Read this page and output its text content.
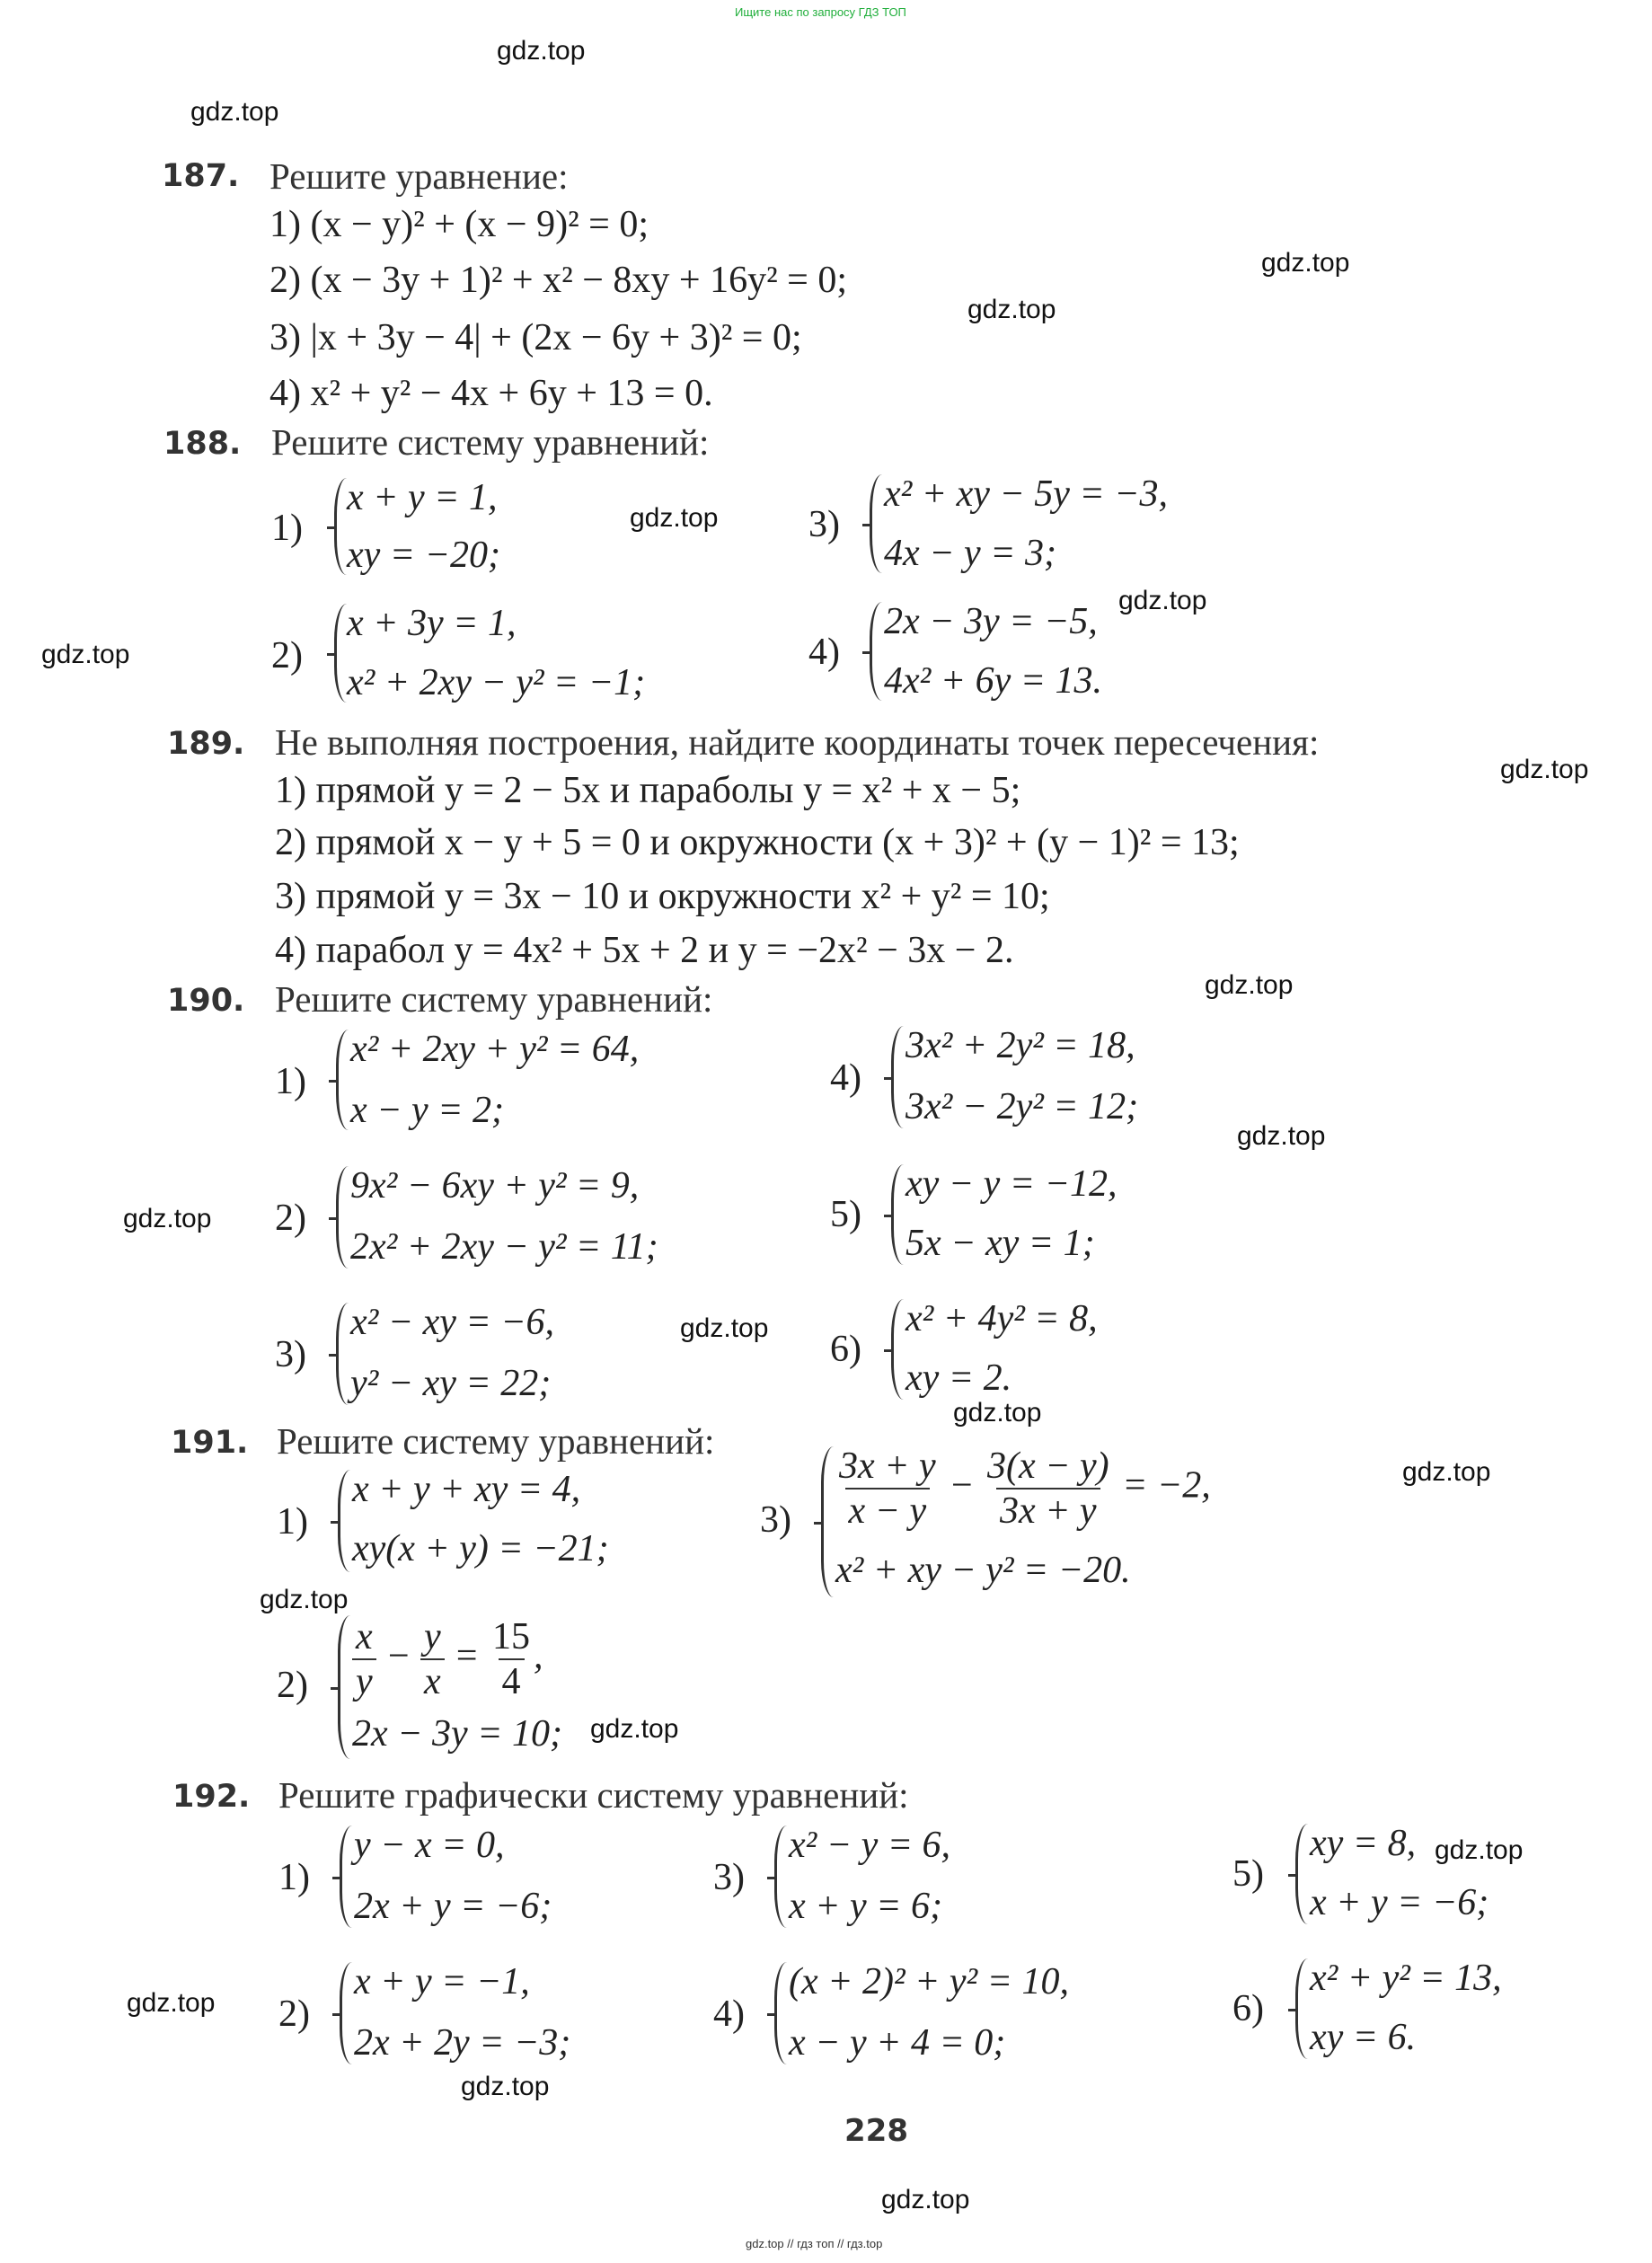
Ищите нас по запросу ГДЗ ТОП
gdz.top // гдз топ // гдз.top
gdz.top
gdz.top
gdz.top
gdz.top
gdz.top
gdz.top
gdz.top
gdz.top
gdz.top
gdz.top
gdz.top
gdz.top
gdz.top
gdz.top
gdz.top
gdz.top
gdz.top
gdz.top
gdz.top
gdz.top
187. Решите уравнение:
1) (x − y)² + (x − 9)² = 0;
2) (x − 3y + 1)² + x² − 8xy + 16y² = 0;
3) |x + 3y − 4| + (2x − 6y + 3)² = 0;
4) x² + y² − 4x + 6y + 13 = 0.
188. Решите систему уравнений:
1)
x + y = 1,
xy = −20;
2)
x + 3y = 1,
x² + 2xy − y² = −1;
3)
x² + xy − 5y = −3,
4x − y = 3;
4)
2x − 3y = −5,
4x² + 6y = 13.
189. Не выполняя построения, найдите координаты точек пересечения:
1) прямой y = 2 − 5x и параболы y = x² + x − 5;
2) прямой x − y + 5 = 0 и окружности (x + 3)² + (y − 1)² = 13;
3) прямой y = 3x − 10 и окружности x² + y² = 10;
4) парабол y = 4x² + 5x + 2 и y = −2x² − 3x − 2.
190. Решите систему уравнений:
1)
x² + 2xy + y² = 64,
x − y = 2;
2)
9x² − 6xy + y² = 9,
2x² + 2xy − y² = 11;
3)
x² − xy = −6,
y² − xy = 22;
4)
3x² + 2y² = 18,
3x² − 2y² = 12;
5)
xy − y = −12,
5x − xy = 1;
6)
x² + 4y² = 8,
xy = 2.
191. Решите систему уравнений:
1)
x + y + xy = 4,
xy(x + y) = −21;
$2) \frac{x}{y} - \frac{y}{x} = \frac{15}{4}$ ,
2x − 3y = 10;
$3) \frac{3x + y}{x - y} - \frac{3(x - y)}{3x + y} = -2$,
x² + xy − y² = −20.
192. Решите графически систему уравнений:
1)
y − x = 0,
2x + y = −6;
2)
x + y = −1,
2x + 2y = −3;
3)
x² − y = 6,
x + y = 6;
4)
(x + 2)² + y² = 10,
x − y + 4 = 0;
5)
xy = 8,
x + y = −6;
6)
x² + y² = 13,
xy = 6.
228
